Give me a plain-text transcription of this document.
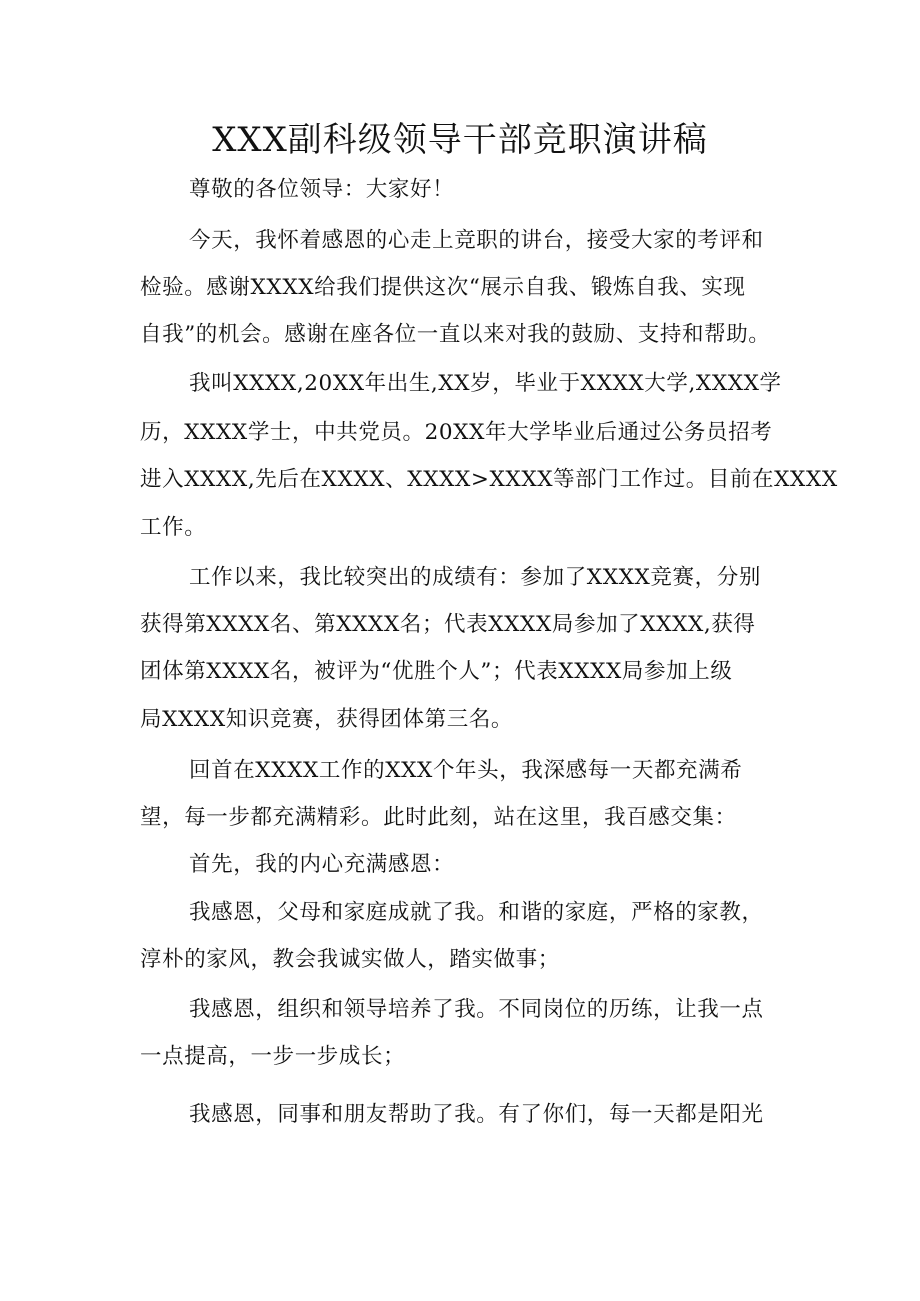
XXX副科级领导干部竞职演讲稿
尊敬的各位领导：大家好！
今天，我怀着感恩的心走上竞职的讲台，接受大家的考评和
检验。感谢XXXX给我们提供这次“展示自我、锻炼自我、实现
自我”的机会。感谢在座各位一直以来对我的鼓励、支持和帮助。
我叫XXXX,20XX年出生,XX岁，毕业于XXXX大学,XXXX学
历，XXXX学士，中共党员。20XX年大学毕业后通过公务员招考
进入XXXX,先后在XXXX、XXXX>XXXX等部门工作过。目前在XXXX
工作。
工作以来，我比较突出的成绩有：参加了XXXX竞赛，分别
获得第XXXX名、第XXXX名；代表XXXX局参加了XXXX,获得
团体第XXXX名，被评为“优胜个人”；代表XXXX局参加上级
局XXXX知识竞赛，获得团体第三名。
回首在XXXX工作的XXX个年头，我深感每一天都充满希
望，每一步都充满精彩。此时此刻，站在这里，我百感交集：
首先，我的内心充满感恩：
我感恩，父母和家庭成就了我。和谐的家庭，严格的家教，
淳朴的家风，教会我诚实做人，踏实做事；
我感恩，组织和领导培养了我。不同岗位的历练，让我一点
一点提高，一步一步成长；
我感恩，同事和朋友帮助了我。有了你们，每一天都是阳光
